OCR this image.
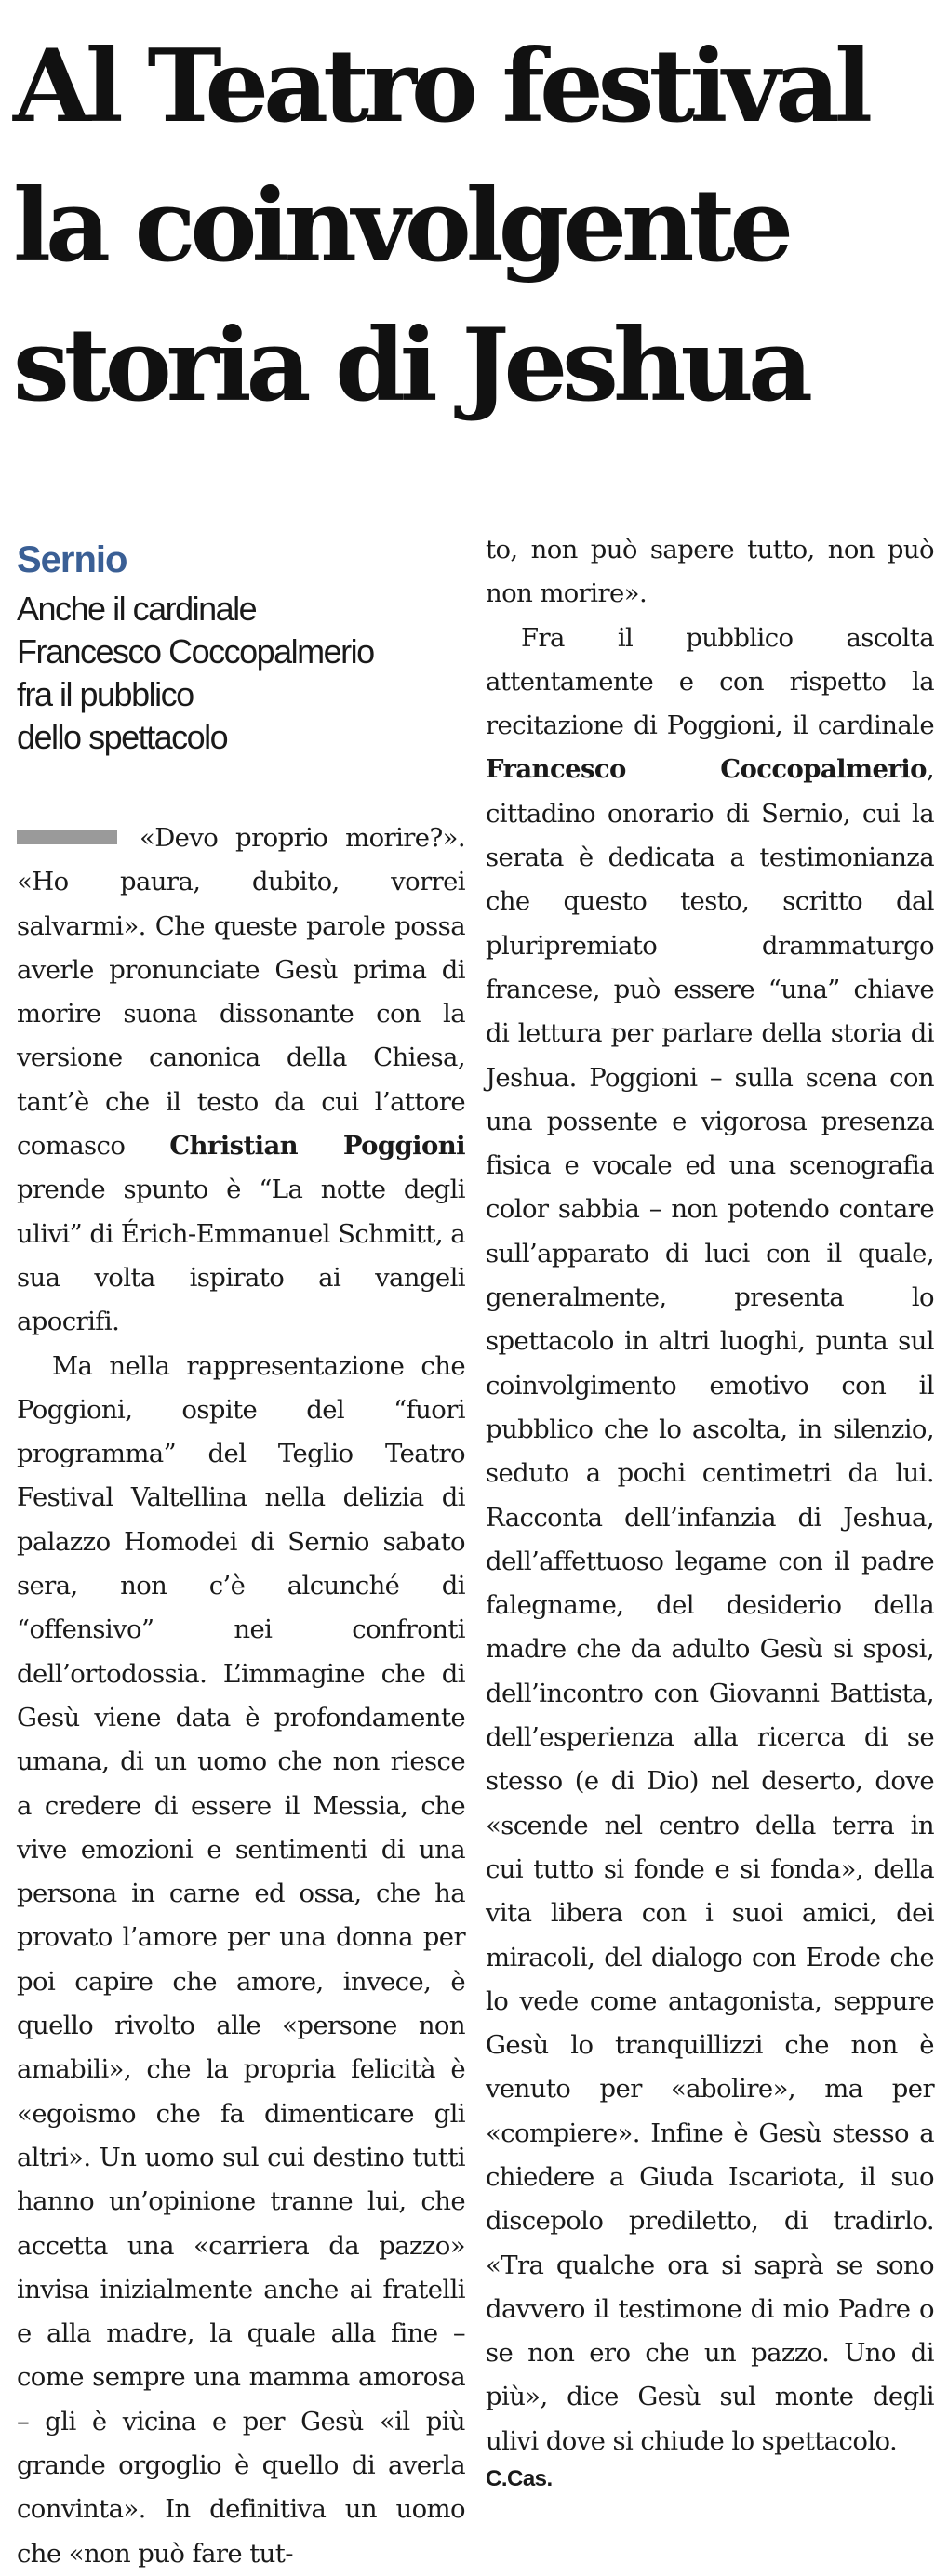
Al Teatro festival
la coinvolgente
storia di Jeshua
Sernio
Anche il cardinale
Francesco Coccopalmerio
fra il pubblico
dello spettacolo

«Devo proprio morire?». «Ho paura, dubito, vorrei salvarmi». Che queste parole possa averle pronunciate Gesù prima di morire suona dissonante con la versione canonica della Chiesa, tant’è che il testo da cui l’attore comasco Christian Poggioni prende spunto è “La notte degli ulivi” di Érich-Emmanuel Schmitt, a sua volta ispirato ai vangeli apocrifi.

Ma nella rappresentazione che Poggioni, ospite del “fuori programma” del Teglio Teatro Festival Valtellina nella delizia di palazzo Homodei di Sernio sabato sera, non c’è alcunché di “offensivo” nei confronti dell’ortodossia. L’immagine che di Gesù viene data è profondamente umana, di un uomo che non riesce a credere di essere il Messia, che vive emozioni e sentimenti di una persona in carne ed ossa, che ha provato l’amore per una donna per poi capire che amore, invece, è quello rivolto alle «persone non amabili», che la propria felicità è «egoismo che fa dimenticare gli altri». Un uomo sul cui destino tutti hanno un’opinione tranne lui, che accetta una «carriera da pazzo» invisa inizialmente anche ai fratelli e alla madre, la quale alla fine – come sempre una mamma amorosa – gli è vicina e per Gesù «il più grande orgoglio è quello di averla convinta». In definitiva un uomo che «non può fare tut-

to, non può sapere tutto, non può non morire».

Fra il pubblico ascolta attentamente e con rispetto la recitazione di Poggioni, il cardinale Francesco Coccopalmerio, cittadino onorario di Sernio, cui la serata è dedicata a testimonianza che questo testo, scritto dal pluripremiato drammaturgo francese, può essere “una” chiave di lettura per parlare della storia di Jeshua. Poggioni – sulla scena con una possente e vigorosa presenza fisica e vocale ed una scenografia color sabbia – non potendo contare sull’apparato di luci con il quale, generalmente, presenta lo spettacolo in altri luoghi, punta sul coinvolgimento emotivo con il pubblico che lo ascolta, in silenzio, seduto a pochi centimetri da lui. Racconta dell’infanzia di Jeshua, dell’affettuoso legame con il padre falegname, del desiderio della madre che da adulto Gesù si sposi, dell’incontro con Giovanni Battista, dell’esperienza alla ricerca di se stesso (e di Dio) nel deserto, dove «scende nel centro della terra in cui tutto si fonde e si fonda», della vita libera con i suoi amici, dei miracoli, del dialogo con Erode che lo vede come antagonista, seppure Gesù lo tranquillizzi che non è venuto per «abolire», ma per «compiere». Infine è Gesù stesso a chiedere a Giuda Iscariota, il suo discepolo prediletto, di tradirlo. «Tra qualche ora si saprà se sono davvero il testimone di mio Padre o se non ero che un pazzo. Uno di più», dice Gesù sul monte degli ulivi dove si chiude lo spettacolo.

C.Cas.
